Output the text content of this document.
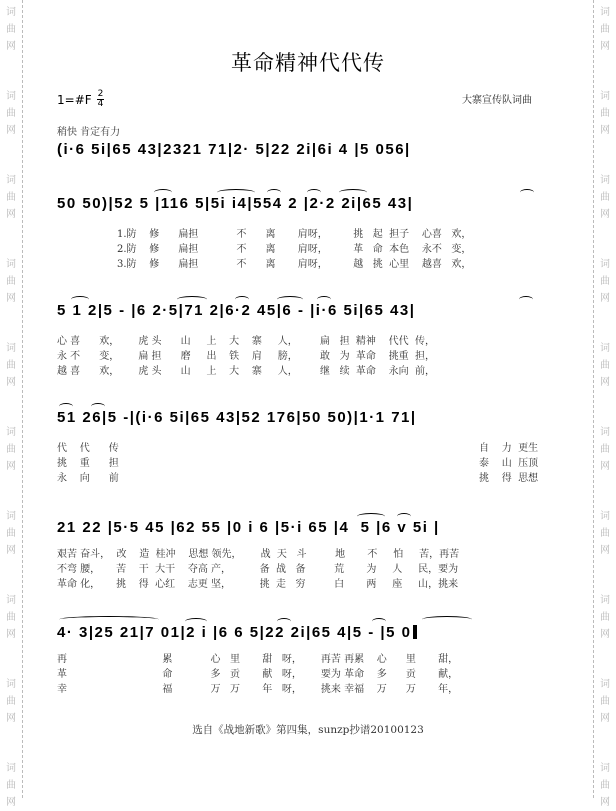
词
曲
网
词
曲
网
词
曲
网
词
曲
网
词
曲
网
词
曲
网
词
曲
网
词
曲
网
词
曲
网
词
曲
网
词
曲
网
词
曲
网
词
曲
网
词
曲
网
词
曲
网
词
曲
网
词
曲
网
词
曲
网
词
曲
网
词
曲
网
革命精神代代传
1=#F $\frac{2}{4}$	大寨宣传队词曲
稍快 肯定有力
(i·6 5i|65 43|2321 71|2· 5|22 2i|6i 4 |5 056|
50 50)|52 5 |116 5|5i i4|554 2 |2·2 2i|65 43|
1.防    修      扁担            不      离       肩呀，        挑   起  担子    心喜   欢，
2.防    修      扁担            不      离       肩呀，        革   命  本色    永不   变，
3.防    修      扁担            不      离       肩呀，        越   挑  心里    越喜   欢，
5 1 2|5 - |6 2·5|71 2|6·2 45|6 - |i·6 5i|65 43|
心 喜      欢，      虎 头      山     上    大    寨     人，       扁   担  精神    代代  传，
永 不      变，      扁 担      磨     出    铁    肩     膀，       敢   为  革命    挑重  担，
越 喜      欢，      虎 头      山     上    大    寨     人，       继   续  革命    永向  前，
51 26|5 -|(i·6 5i|65 43|52 176|50 50)|1·1 71|
代    代      传
挑    重      担
永    向      前
自    力  更生
泰    山  压顶
挑    得  思想
21 22 |5·5 45 |62 55 |0 i 6 |5·i 65 |4  5 |6 v 5i |
艰苦 奋斗，  改    造  桂冲    思想 领先，      战  天   斗         地       不     怕     苦，再苦
不弯 腰，     苦    干  大干    夺高 产，         备  战   备         荒       为     人     民，要为
革命 化，     挑    得  心红    志更 坚，         挑  走   穷         白       两     座     山，挑来
4· 3|25 21|7 01|2 i |6 6 5|22 2i|65 4|5 - |5 0
再                              累            心   里       甜   呀，      再苦 再累    心      里       甜，
革                              命            多   贡       献   呀，      要为 革命    多      贡       献，
幸                              福            万   万       年   呀，      挑来 幸福    万      万       年，
选自《战地新歌》第四集，sunzp抄谱20100123
